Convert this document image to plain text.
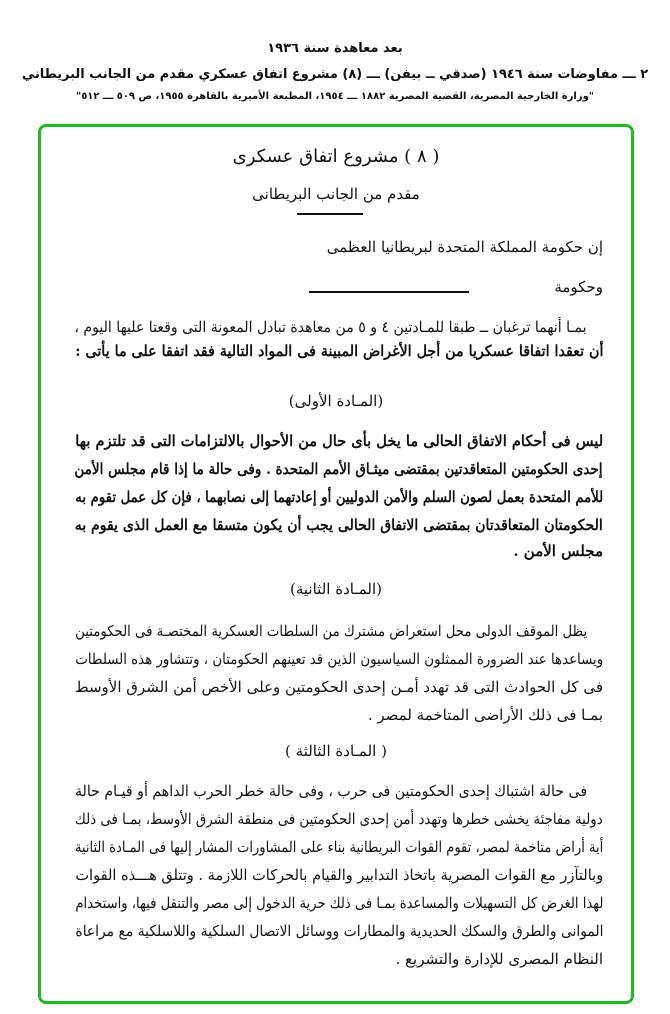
بعد معاهدة سنة ١٩٣٦
٢ ـــ مفاوضات سنة ١٩٤٦ (صدقي ــ بيفن) ـــ (٨) مشروع اتفاق عسكري مقدم من الجانب البريطاني
"وزارة الخارجية المصرية، القضية المصرية ١٨٨٢ ـــ ١٩٥٤، المطبعة الأميرية بالقاهرة ١٩٥٥، ص ٥٠٩ ـــ ٥١٢"
( ٨ ) مشروع اتفاق عسكرى
مقدم من الجانب البريطانى
إن حكومة المملكة المتحدة لبريطانيا العظمى
وحكومة
بمـا أنهما ترغبان ــ طبقا للمـادتين ٤ و ٥ من معاهدة تبادل المعونة التى وقعتا عليها اليوم ،
أن تعقدا اتفاقا عسكريا من أجل الأغراض المبينة فى المواد التالية فقد اتفقا على ما يأتى :
(المـادة الأولى)
ليس فى أحكام الاتفاق الحالى ما يخل بأى حال من الأحوال بالالتزامات التى قد تلتزم بها
إحدى الحكومتين المتعاقدتين بمقتضى ميثـاق الأمم المتحدة . وفى حالة ما إذا قام مجلس الأمن
للأمم المتحدة بعمل لصون السلم والأمن الدوليين أو إعادتهما إلى نصابهما ، فإن كل عمل تقوم به
الحكومتان المتعاقدتان بمقتضى الاتفاق الحالى يجب أن يكون متسقا مع العمل الذى يقوم به
مجلس الأمن .
(المـادة الثانية)
يظل الموقف الدولى محل استعراض مشترك من السلطات العسكرية المختصـة فى الحكومتين
ويساعدها عند الضرورة الممثلون السياسيون الذين قد تعينهم الحكومتان ، وتتشاور هذه السلطات
فى كل الحوادث التى قد تهدد أمـن إحدى الحكومتين وعلى الأخص أمن الشرق الأوسط
بمـا فى ذلك الأراضى المتاخمة لمصر .
( المـادة الثالثة )
فى حالة اشتباك إحدى الحكومتين فى حرب ، وفى حالة خطر الحرب الداهم أو قيـام حالة
دولية مفاجئة يخشى خطرها وتهدد أمن إحدى الحكومتين فى منطقة الشرق الأوسط، بمـا فى ذلك
أية أراض متاخمة لمصر، تقوم القوات البريطانية بناء على المشاورات المشار إليها فى المـادة الثانية
وبالتآزر مع القوات المصرية باتخاذ التدابير والقيام بالحركات اللازمة . وتتلق هـــذه القوات
لهذا الغرض كل التسهيلات والمساعدة بمـا فى ذلك حرية الدخول إلى مصر والتنقل فيها، واستخدام
الموانى والطرق والسكك الحديدية والمطارات ووسائل الاتصال السلكية واللاسلكية مع مراعاة
النظام المصرى للإدارة والتشريع .
